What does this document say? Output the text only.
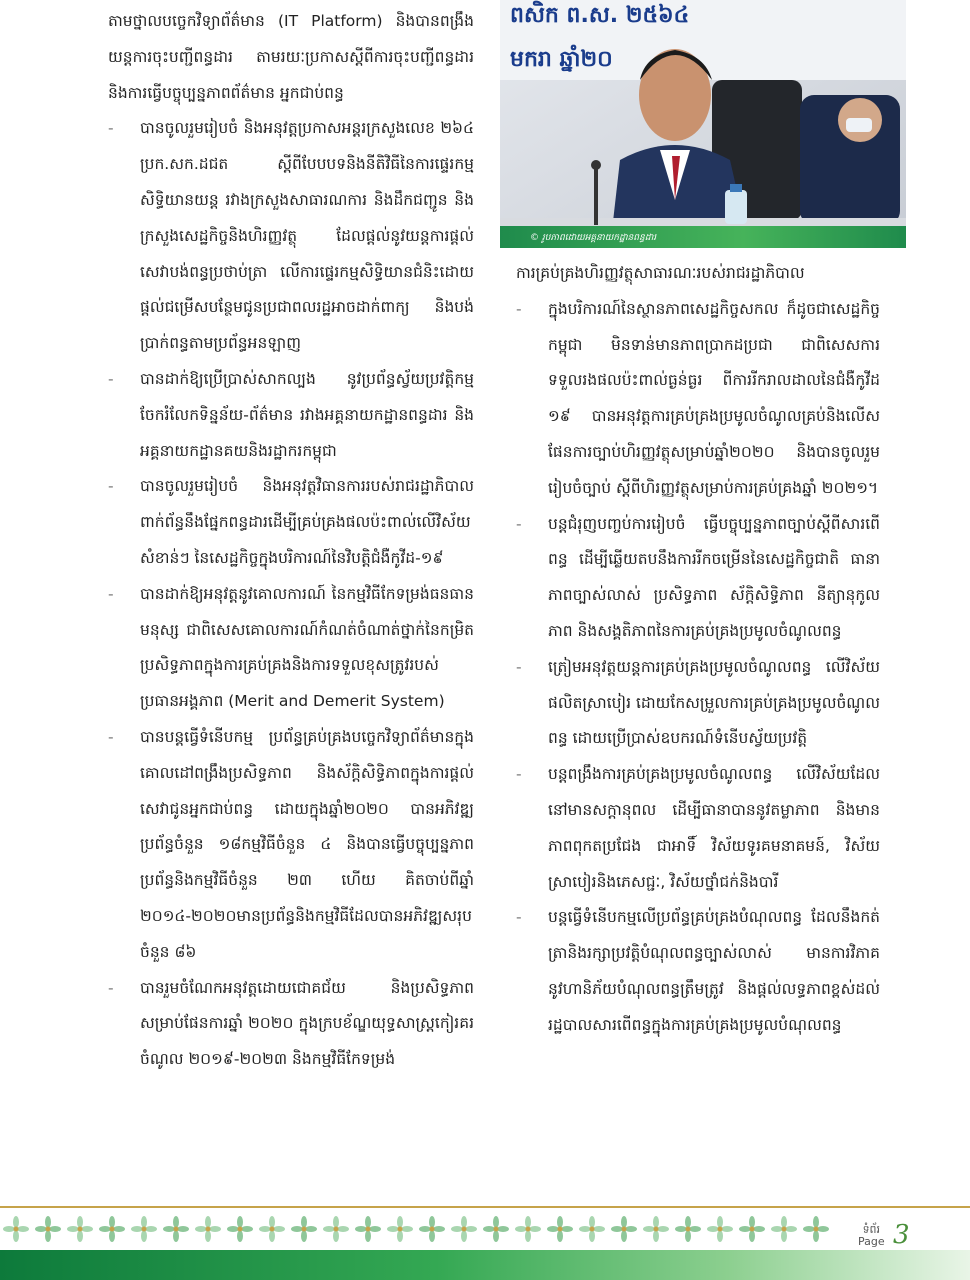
តាមថ្នាលបច្ចេកវិទ្យាព័ត៌មាន (IT Platform) និងបានពង្រឹងយន្តការចុះបញ្ជីពន្ធដារ តាមរយៈប្រកាសស្តីពីការចុះបញ្ជីពន្ធដារ និងការធ្វើបច្ចុប្បន្នភាពព័ត៌មាន អ្នកជាប់ពន្ធ

- បានចូលរួមរៀបចំ និងអនុវត្តប្រកាសអន្តរក្រសួងលេខ ២៦៤ ប្រក.សក.ដជត ស្តីពីបែបបទនិងនីតិវិធីនៃការផ្ទេរកម្មសិទ្ធិយានយន្ត រវាងក្រសួងសាធារណការ និងដឹកជញ្ជូន និងក្រសួងសេដ្ឋកិច្ចនិងហិរញ្ញវត្ថុ ដែលផ្តល់នូវយន្តការផ្តល់សេវាបង់ពន្ធប្រថាប់ត្រា លើការផ្ទេរកម្មសិទ្ធិយានជំនិះដោយផ្តល់ជម្រើសបន្ថែមជូនប្រជាពលរដ្ឋអាចដាក់ពាក្យ និងបង់ប្រាក់ពន្ធតាមប្រព័ន្ធអនឡាញ
- បានដាក់ឱ្យប្រើប្រាស់សាកល្បង នូវប្រព័ន្ធស្វ័យប្រវត្តិកម្មចែករំលែកទិន្នន័យ-ព័ត៌មាន រវាងអគ្គនាយកដ្ឋានពន្ធដារ និងអគ្គនាយកដ្ឋានគយនិងរដ្ឋាករកម្ពុជា
- បានចូលរួមរៀបចំ និងអនុវត្តវិធានការរបស់រាជរដ្ឋាភិបាល ពាក់ព័ន្ធនឹងផ្នែកពន្ធដារដើម្បីគ្រប់គ្រងផលប៉ះពាល់លើវិស័យសំខាន់ៗ នៃសេដ្ឋកិច្ចក្នុងបរិការណ៍នៃវិបត្តិជំងឺកូវីដ-១៩
- បានដាក់ឱ្យអនុវត្តនូវគោលការណ៍ នៃកម្មវិធីកែទម្រង់ធនធានមនុស្ស ជាពិសេសគោលការណ៍កំណត់ចំណាត់ថ្នាក់នៃកម្រិតប្រសិទ្ធភាពក្នុងការគ្រប់គ្រងនិងការទទួលខុសត្រូវរបស់ប្រធានអង្គភាព (Merit and Demerit System)
- បានបន្តធ្វើទំនើបកម្ម ប្រព័ន្ធគ្រប់គ្រងបច្ចេកវិទ្យាព័ត៌មានក្នុងគោលដៅពង្រឹងប្រសិទ្ធភាព និងស័ក្តិសិទ្ធិភាពក្នុងការផ្តល់សេវាជូនអ្នកជាប់ពន្ធ ដោយក្នុងឆ្នាំ២០២០ បានអភិវឌ្ឍប្រព័ន្ធចំនួន ១៨កម្មវិធីចំនួន ៤ និងបានធ្វើបច្ចុប្បន្នភាពប្រព័ន្ធនិងកម្មវិធីចំនួន ២៣ ហើយ គិតចាប់ពីឆ្នាំ ២០១៤-២០២០មានប្រព័ន្ធនិងកម្មវិធីដែលបានអភិវឌ្ឍសរុបចំនួន ៨៦
- បានរួមចំណែកអនុវត្តដោយជោគជ័យ និងប្រសិទ្ធភាព សម្រាប់ផែនការឆ្នាំ ២០២០ ក្នុងក្របខ័ណ្ឌយុទ្ធសាស្ត្រកៀរគរចំណូល ២០១៩-២០២៣ និងកម្មវិធីកែទម្រង់
ពសិក ព.ស. ២៥៦៤
មករា ឆ្នាំ២០
© រូបភាពដោយអគ្គនាយកដ្ឋានពន្ធដារ

ការគ្រប់គ្រងហិរញ្ញវត្ថុសាធារណៈរបស់រាជរដ្ឋាភិបាល

- ក្នុងបរិការណ៍នៃស្ថានភាពសេដ្ឋកិច្ចសកល ក៏ដូចជាសេដ្ឋកិច្ចកម្ពុជា មិនទាន់មានភាពប្រាកដប្រជា ជាពិសេសការទទួលរងផលប៉ះពាល់ធ្ងន់ធ្ងរ ពីការរីករាលដាលនៃជំងឺកូវីដ ១៩ បានអនុវត្តការគ្រប់គ្រងប្រមូលចំណូលគ្រប់និងលើសផែនការច្បាប់ហិរញ្ញវត្ថុសម្រាប់ឆ្នាំ២០២០ និងបានចូលរួមរៀបចំច្បាប់ ស្តីពីហិរញ្ញវត្ថុសម្រាប់ការគ្រប់គ្រងឆ្នាំ ២០២១។
- បន្តជំរុញបញ្ចប់ការរៀបចំ ធ្វើបច្ចុប្បន្នភាពច្បាប់ស្តីពីសារពើពន្ធ ដើម្បីឆ្លើយតបនឹងការរីកចម្រើននៃសេដ្ឋកិច្ចជាតិ ធានាភាពច្បាស់លាស់ ប្រសិទ្ធភាព ស័ក្តិសិទ្ធិភាព នីត្យានុកូលភាព និងសង្គតិភាពនៃការគ្រប់គ្រងប្រមូលចំណូលពន្ធ
- ត្រៀមអនុវត្តយន្តការគ្រប់គ្រងប្រមូលចំណូលពន្ធ លើវិស័យផលិតស្រាបៀរ ដោយកែសម្រួលការគ្រប់គ្រងប្រមូលចំណូលពន្ធ ដោយប្រើប្រាស់ឧបករណ៍ទំនើបស្វ័យប្រវត្តិ
- បន្តពង្រឹងការគ្រប់គ្រងប្រមូលចំណូលពន្ធ លើវិស័យដែលនៅមានសក្តានុពល ដើម្បីធានាបាននូវតម្លាភាព និងមានភាពពុកតប្រជែង ជាអាទិ៍ វិស័យទូរគមនាគមន៍, វិស័យស្រាបៀរនិងភេសជ្ជៈ, វិស័យថ្នាំជក់និងបារី
- បន្តធ្វើទំនើបកម្មលើប្រព័ន្ធគ្រប់គ្រងបំណុលពន្ធ ដែលនឹងកត់ត្រានិងរក្សាប្រវត្តិបំណុលពន្ធច្បាស់លាស់ មានការវិភាគនូវហានិភ័យបំណុលពន្ធត្រឹមត្រូវ និងផ្តល់លទ្ធភាពខ្ពស់ដល់រដ្ឋបាលសារពើពន្ធក្នុងការគ្រប់គ្រងប្រមូលបំណុលពន្ធ
ទំព័រ
Page 3
